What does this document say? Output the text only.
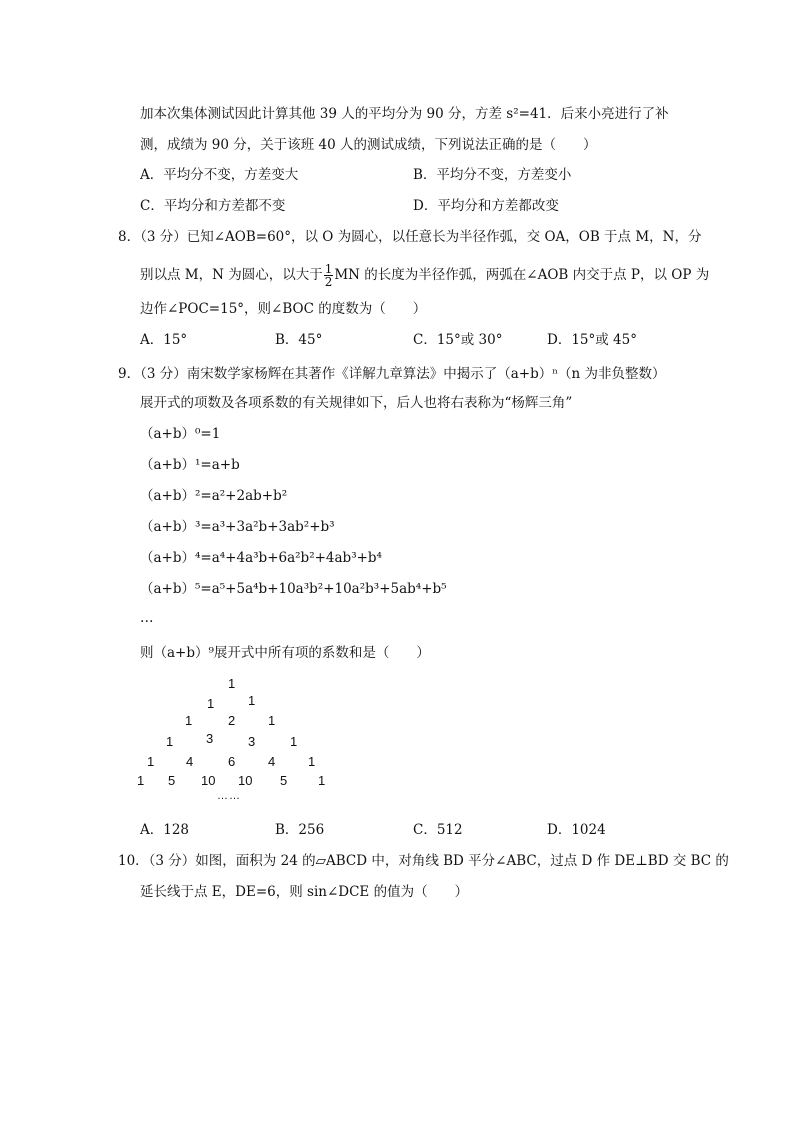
加本次集体测试因此计算其他 39 人的平均分为 90 分，方差 s²=41．后来小亮进行了补
测，成绩为 90 分，关于该班 40 人的测试成绩，下列说法正确的是（　　）
A．平均分不变，方差变大	B．平均分不变，方差变小
C．平均分和方差都不变	D．平均分和方差都改变
8．（3 分）已知∠AOB=60°，以 O 为圆心，以任意长为半径作弧，交 OA，OB 于点 M，N，分
别以点 M，N 为圆心，以大于 $\frac{1}{2}$ MN 的长度为半径作弧，两弧在∠AOB 内交于点 P，以 OP 为
边作∠POC=15°，则∠BOC 的度数为（　　）
A．15°	B．45°	C．15°或 30°	D．15°或 45°
9．（3 分）南宋数学家杨辉在其著作《详解九章算法》中揭示了（a+b）ⁿ（n 为非负整数）
展开式的项数及各项系数的有关规律如下，后人也将右表称为“杨辉三角”
（a+b）⁰=1
（a+b）¹=a+b
（a+b）²=a²+2ab+b²
（a+b）³=a³+3a²b+3ab²+b³
（a+b）⁴=a⁴+4a³b+6a²b²+4ab³+b⁴
（a+b）⁵=a⁵+5a⁴b+10a³b²+10a²b³+5ab⁴+b⁵
…
则（a+b）⁹展开式中所有项的系数和是（　　）
1
1	1
1	2	1
1	3	3	1
1 4	6	4	1
1 5 10 10 5 1
……
A．128	B．256	C．512	D．1024
10．（3 分）如图，面积为 24 的▱ABCD 中，对角线 BD 平分∠ABC，过点 D 作 DE⊥BD 交 BC 的
延长线于点 E，DE=6，则 sin∠DCE 的值为（　　）
